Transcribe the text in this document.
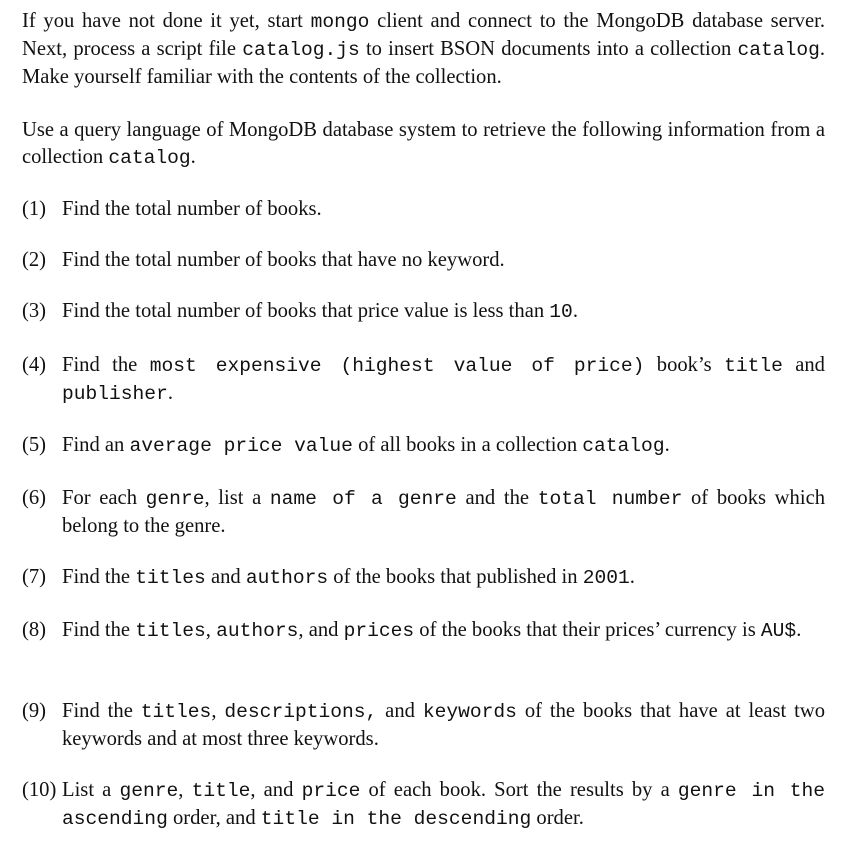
If you have not done it yet, start mongo client and connect to the MongoDB database server. Next, process a script file catalog.js to insert BSON documents into a collection catalog. Make yourself familiar with the contents of the collection.

Use a query language of MongoDB database system to retrieve the following information from a collection catalog.

(1) Find the total number of books.
(2) Find the total number of books that have no keyword.
(3) Find the total number of books that price value is less than 10.
(4) Find the most expensive (highest value of price) book’s title and publisher.
(5) Find an average price value of all books in a collection catalog.
(6) For each genre, list a name of a genre and the total number of books which belong to the genre.
(7) Find the titles and authors of the books that published in 2001.
(8) Find the titles, authors, and prices of the books that their prices’ currency is AU$.
(9) Find the titles, descriptions, and keywords of the books that have at least two keywords and at most three keywords.
(10) List a genre, title, and price of each book. Sort the results by a genre in the ascending order, and title in the descending order.
